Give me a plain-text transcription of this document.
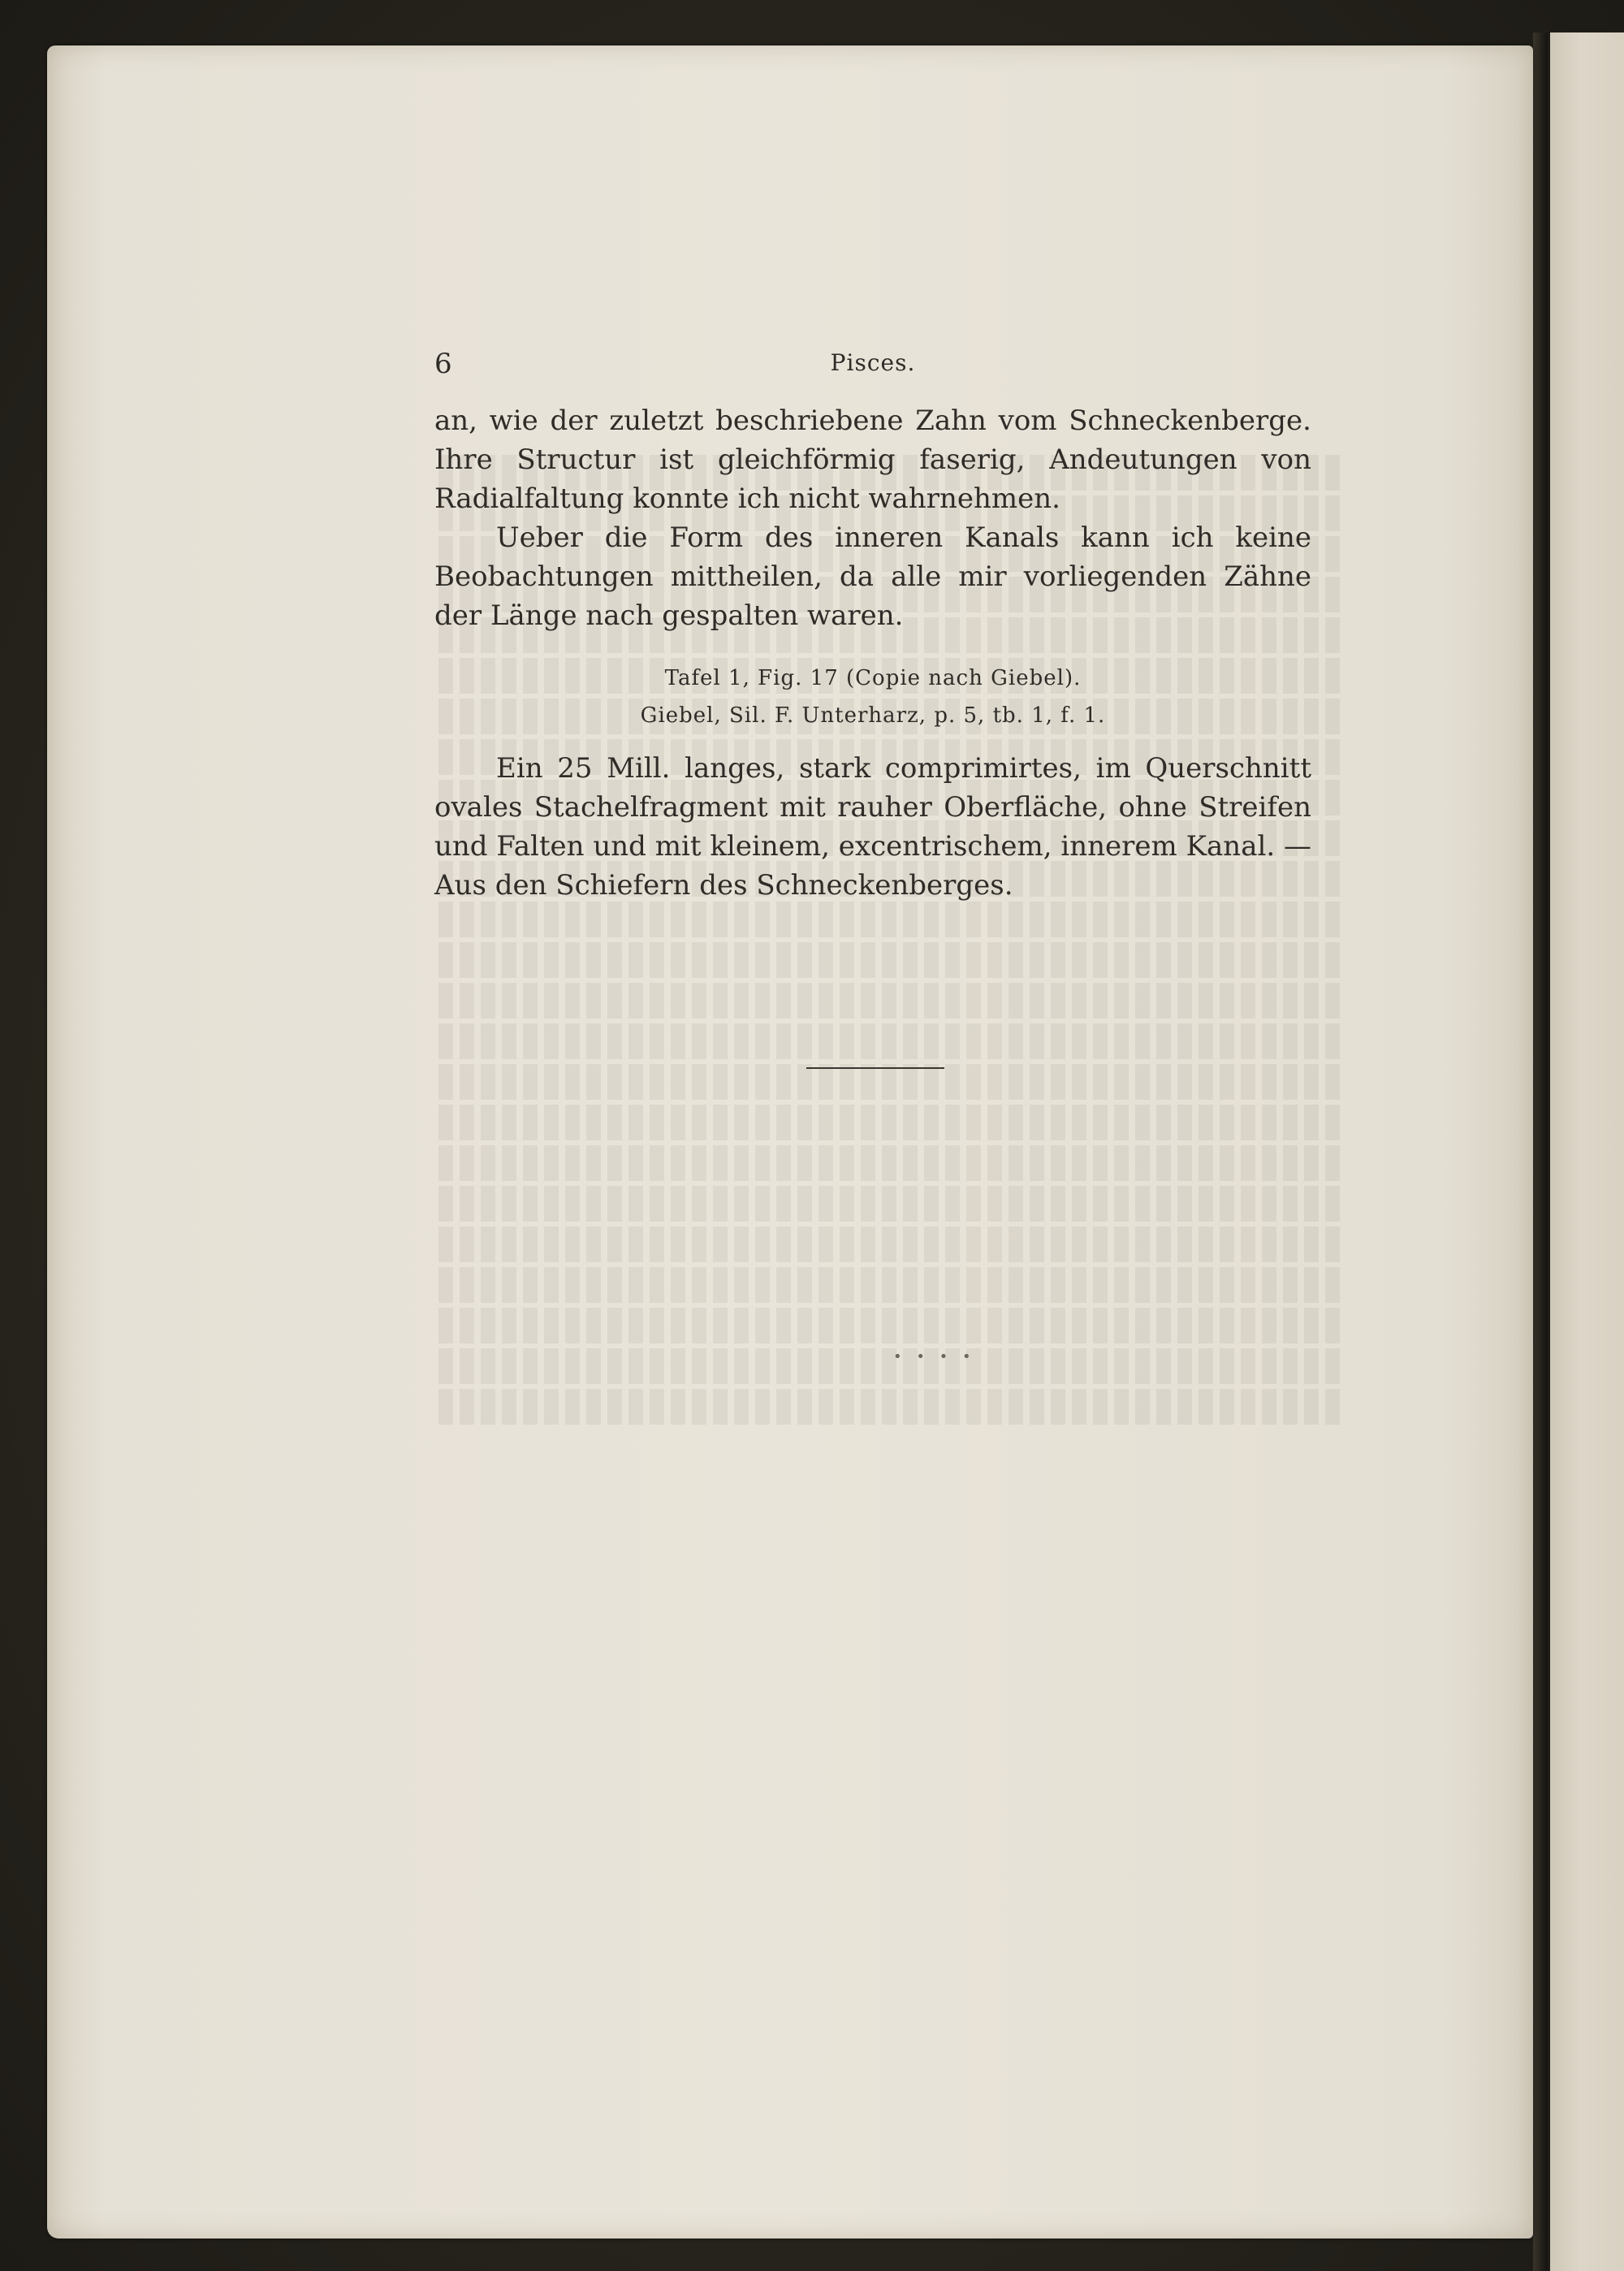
6	Pisces.

an, wie der zuletzt beschriebene Zahn vom Schneckenberge. Ihre Structur ist gleichförmig faserig, Andeutungen von Radialfaltung konnte ich nicht wahrnehmen.

Ueber die Form des inneren Kanals kann ich keine Beobachtungen mittheilen, da alle mir vorliegenden Zähne der Länge nach gespalten waren.

Tafel 1, Fig. 17 (Copie nach Giebel).
Giebel, Sil. F. Unterharz, p. 5, tb. 1, f. 1.

Ein 25 Mill. langes, stark comprimirtes, im Querschnitt ovales Stachelfragment mit rauher Oberfläche, ohne Streifen und Falten und mit kleinem, excentrischem, innerem Kanal. — Aus den Schiefern des Schneckenberges.

• • • •
